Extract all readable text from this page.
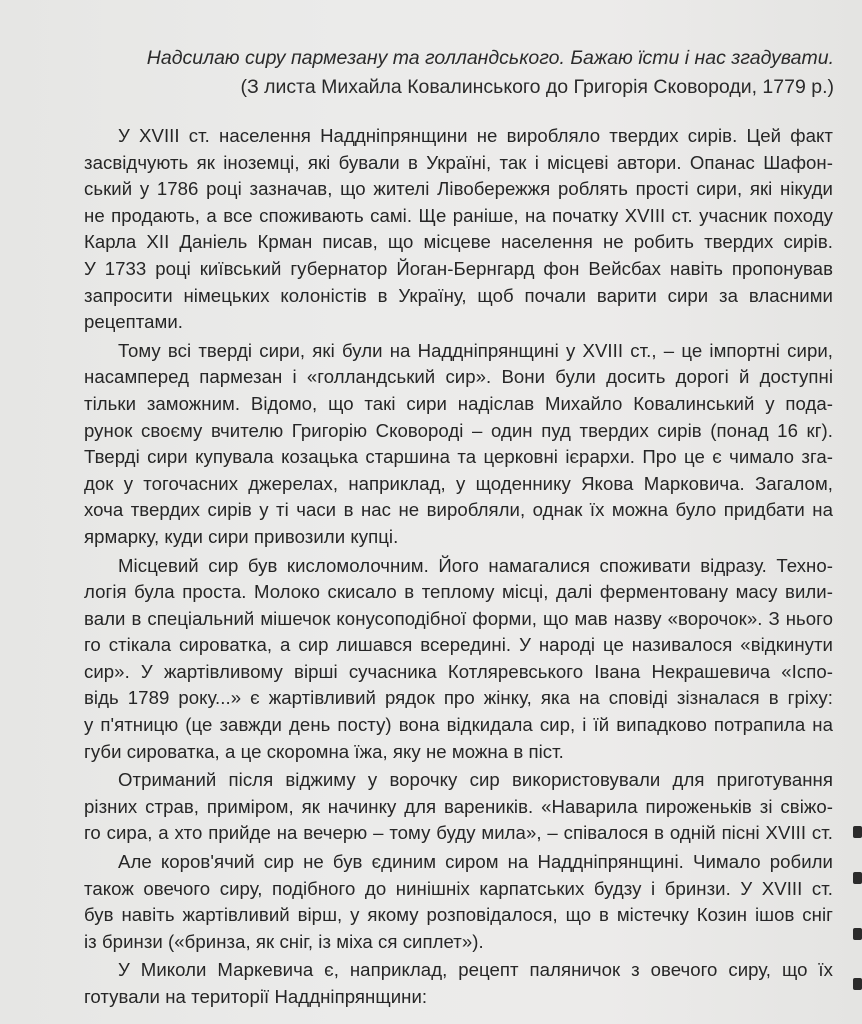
Надсилаю сиру пармезану та голландського. Бажаю їсти і нас згадувати.

(З листа Михайла Ковалинського до Григорія Сковороди, 1779 р.)

У XVIII ст. населення Наддніпрянщини не виробляло твердих сирів. Цей факт
засвідчують як іноземці, які бували в Україні, так і місцеві автори. Опанас Шафон-
ський у 1786 році зазначав, що жителі Лівобережжя роблять прості сири, які нікуди
не продають, а все споживають самі. Ще раніше, на початку XVIII ст. учасник походу
Карла XII Даніель Крман писав, що місцеве населення не робить твердих сирів.
У 1733 році київський губернатор Йоган-Бернгард фон Вейсбах навіть пропонував
запросити німецьких колоністів в Україну, щоб почали варити сири за власними
рецептами.

Тому всі тверді сири, які були на Наддніпрянщині у XVIII ст., – це імпортні сири,
насамперед пармезан і «голландський сир». Вони були досить дорогі й доступні
тільки заможним. Відомо, що такі сири надіслав Михайло Ковалинський у пода-
рунок своєму вчителю Григорію Сковороді – один пуд твердих сирів (понад 16 кг).
Тверді сири купувала козацька старшина та церковні ієрархи. Про це є чимало зга-
док у тогочасних джерелах, наприклад, у щоденнику Якова Марковича. Загалом,
хоча твердих сирів у ті часи в нас не виробляли, однак їх можна було придбати на
ярмарку, куди сири привозили купці.

Місцевий сир був кисломолочним. Його намагалися споживати відразу. Техно-
логія була проста. Молоко скисало в теплому місці, далі ферментовану масу вили-
вали в спеціальний мішечок конусоподібної форми, що мав назву «ворочок». З нього
го стікала сироватка, а сир лишався всередині. У народі це називалося «відкинути
сир». У жартівливому вірші сучасника Котляревського Івана Некрашевича «Іспо-
відь 1789 року...» є жартівливий рядок про жінку, яка на сповіді зізналася в гріху:
у п'ятницю (це завжди день посту) вона відкидала сир, і їй випадково потрапила на
губи сироватка, а це скоромна їжа, яку не можна в піст.

Отриманий після віджиму у ворочку сир використовували для приготування
різних страв, приміром, як начинку для вареників. «Наварила пироженьків зі свіжо-
го сира, а хто прийде на вечерю – тому буду мила», – співалося в одній пісні XVIII ст.

Але коров'ячий сир не був єдиним сиром на Наддніпрянщині. Чимало робили
також овечого сиру, подібного до нинішніх карпатських будзу і бринзи. У XVIII ст.
був навіть жартівливий вірш, у якому розповідалося, що в містечку Козин ішов сніг
із бринзи («бринза, як сніг, із міха ся сиплет»).

У Миколи Маркевича є, наприклад, рецепт паляничок з овечого сиру, що їх
готували на території Наддніпрянщини:
